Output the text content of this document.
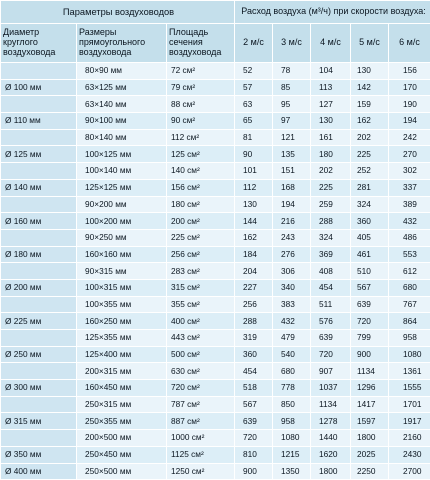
Параметры воздуховодов			Расход воздуха (м³/ч) при скорости воздуха:				
Диаметр круглого воздуховода	Размеры прямоугольного воздуховода	Площадь сечения воздуховода	2 м/с	3 м/с	4 м/с	5 м/с	6 м/с
	80×90 мм	72 см²	52	78	104	130	156
Ø 100 мм	63×125 мм	79 см²	57	85	113	142	170
	63×140 мм	88 см²	63	95	127	159	190
Ø 110 мм	90×100 мм	90 см²	65	97	130	162	194
	80×140 мм	112 см²	81	121	161	202	242
Ø 125 мм	100×125 мм	125 см²	90	135	180	225	270
	100×140 мм	140 см²	101	151	202	252	302
Ø 140 мм	125×125 мм	156 см²	112	168	225	281	337
	90×200 мм	180 см²	130	194	259	324	389
Ø 160 мм	100×200 мм	200 см²	144	216	288	360	432
	90×250 мм	225 см²	162	243	324	405	486
Ø 180 мм	160×160 мм	256 см²	184	276	369	461	553
	90×315 мм	283 см²	204	306	408	510	612
Ø 200 мм	100×315 мм	315 см²	227	340	454	567	680
	100×355 мм	355 см²	256	383	511	639	767
Ø 225 мм	160×250 мм	400 см²	288	432	576	720	864
	125×355 мм	443 см²	319	479	639	799	958
Ø 250 мм	125×400 мм	500 см²	360	540	720	900	1080
	200×315 мм	630 см²	454	680	907	1134	1361
Ø 300 мм	160×450 мм	720 см²	518	778	1037	1296	1555
	250×315 мм	787 см²	567	850	1134	1417	1701
Ø 315 мм	250×355 мм	887 см²	639	958	1278	1597	1917
	200×500 мм	1000 см²	720	1080	1440	1800	2160
Ø 350 мм	250×450 мм	1125 см²	810	1215	1620	2025	2430
Ø 400 мм	250×500 мм	1250 см²	900	1350	1800	2250	2700
